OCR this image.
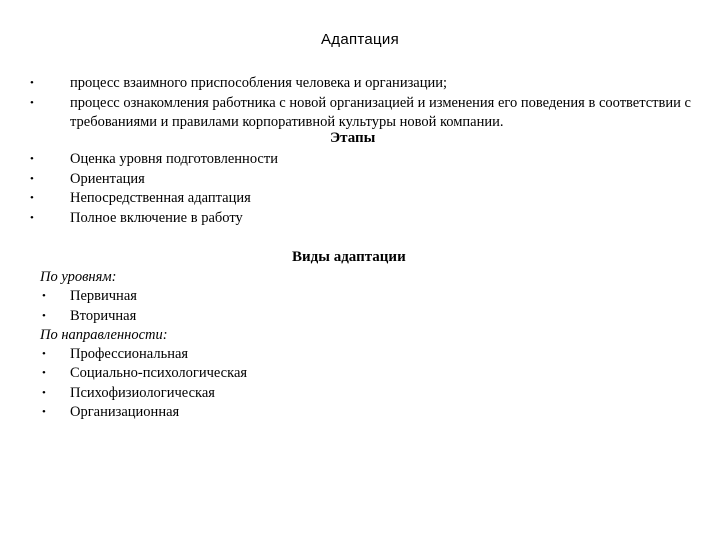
Адаптация
• процесс взаимного приспособления человека и организации;
• процесс ознакомления работника с новой организацией и изменения его поведения в соответствии с требованиями и правилами корпоративной культуры новой компании.
Этапы
• Оценка уровня подготовленности
• Ориентация
• Непосредственная адаптация
• Полное включение в работу
Виды адаптации
По уровням:
• Первичная
• Вторичная
По направленности:
• Профессиональная
• Социально-психологическая
• Психофизиологическая
• Организационная
